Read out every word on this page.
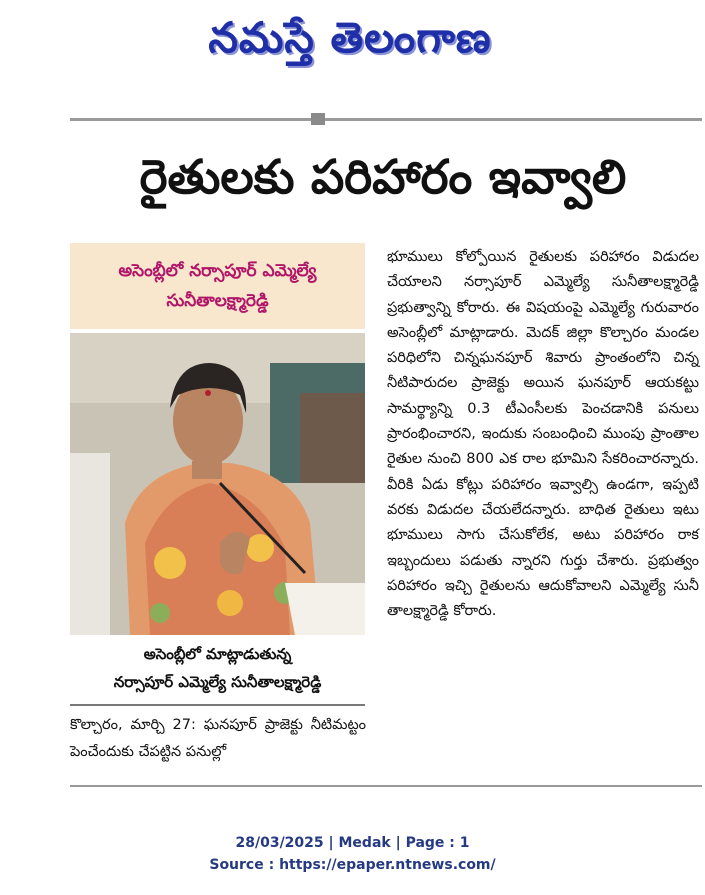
నమస్తే తెలంగాణ
రైతులకు పరిహారం ఇవ్వాలి
అసెంబ్లీలో నర్సాపూర్ ఎమ్మెల్యే
సునీతాలక్ష్మారెడ్డి
అసెంబ్లీలో మాట్లాడుతున్న
నర్సాపూర్ ఎమ్మెల్యే సునీతాలక్ష్మారెడ్డి

కొల్చారం, మార్చి 27: ఘనపూర్ ప్రాజెక్టు నీటిమట్టం పెంచేందుకు చేపట్టిన పనుల్లో

భూములు కోల్పోయిన రైతులకు పరిహారం విడుదల చేయాలని నర్సాపూర్ ఎమ్మెల్యే సునీతాలక్ష్మారెడ్డి ప్రభుత్వాన్ని కోరారు. ఈ విషయంపై ఎమ్మెల్యే గురువారం అసెంబ్లీలో మాట్లాడారు. మెదక్ జిల్లా కొల్చారం మండల పరిధిలోని చిన్నఘనపూర్ శివారు ప్రాంతంలోని చిన్న నీటిపారుదల ప్రాజెక్టు అయిన ఘనపూర్ ఆయకట్టు సామర్థ్యాన్ని 0.3 టీఎంసీలకు పెంచడానికి పనులు ప్రారంభించారని, ఇందుకు సంబంధించి ముంపు ప్రాంతాల రైతుల నుంచి 800 ఎక రాల భూమిని సేకరించారన్నారు. వీరికి ఏడు కోట్లు పరిహారం ఇవ్వాల్సి ఉండగా, ఇప్పటి వరకు విడుదల చేయలేదన్నారు. బాధిత రైతులు ఇటు భూములు సాగు చేసుకోలేక, అటు పరిహారం రాక ఇబ్బందులు పడుతు న్నారని గుర్తు చేశారు. ప్రభుత్వం పరిహారం ఇచ్చి రైతులను ఆదుకోవాలని ఎమ్మెల్యే సునీ తాలక్ష్మారెడ్డి కోరారు.

28/03/2025 | Medak | Page : 1
Source : https://epaper.ntnews.com/
